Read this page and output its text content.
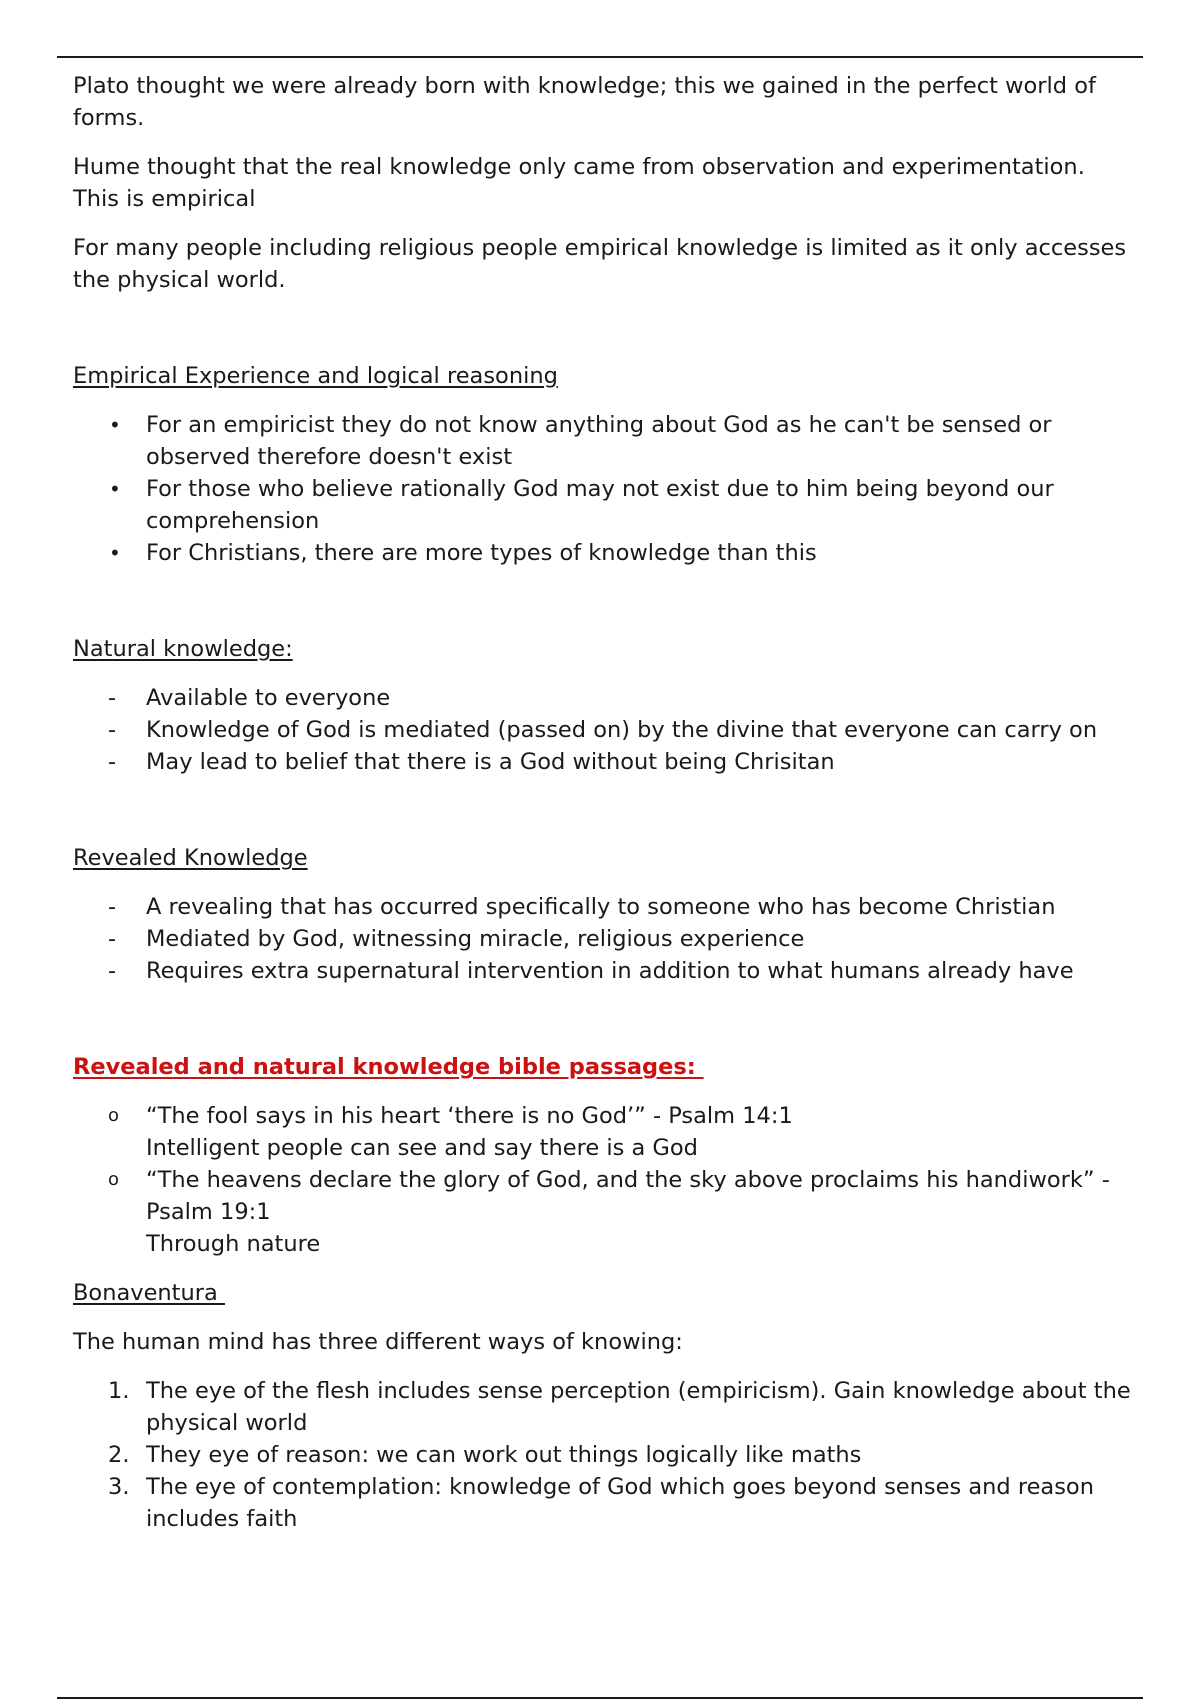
Plato thought we were already born with knowledge; this we gained in the perfect world of forms.

Hume thought that the real knowledge only came from observation and experimentation. This is empirical

For many people including religious people empirical knowledge is limited as it only accesses the physical world.

Empirical Experience and logical reasoning

•	For an empiricist they do not know anything about God as he can't be sensed or observed therefore doesn't exist
•	For those who believe rationally God may not exist due to him being beyond our comprehension
•	For Christians, there are more types of knowledge than this

Natural knowledge:

-	Available to everyone
-	Knowledge of God is mediated (passed on) by the divine that everyone can carry on
-	May lead to belief that there is a God without being Chrisitan

Revealed Knowledge

-	A revealing that has occurred specifically to someone who has become Christian
-	Mediated by God, witnessing miracle, religious experience
-	Requires extra supernatural intervention in addition to what humans already have

Revealed and natural knowledge bible passages:

o	“The fool says in his heart ‘there is no God’” - Psalm 14:1
Intelligent people can see and say there is a God
o	“The heavens declare the glory of God, and the sky above proclaims his handiwork” - Psalm 19:1
Through nature

Bonaventura

The human mind has three different ways of knowing:

1. The eye of the flesh includes sense perception (empiricism). Gain knowledge about the physical world
2. They eye of reason: we can work out things logically like maths
3. The eye of contemplation: knowledge of God which goes beyond senses and reason includes faith
